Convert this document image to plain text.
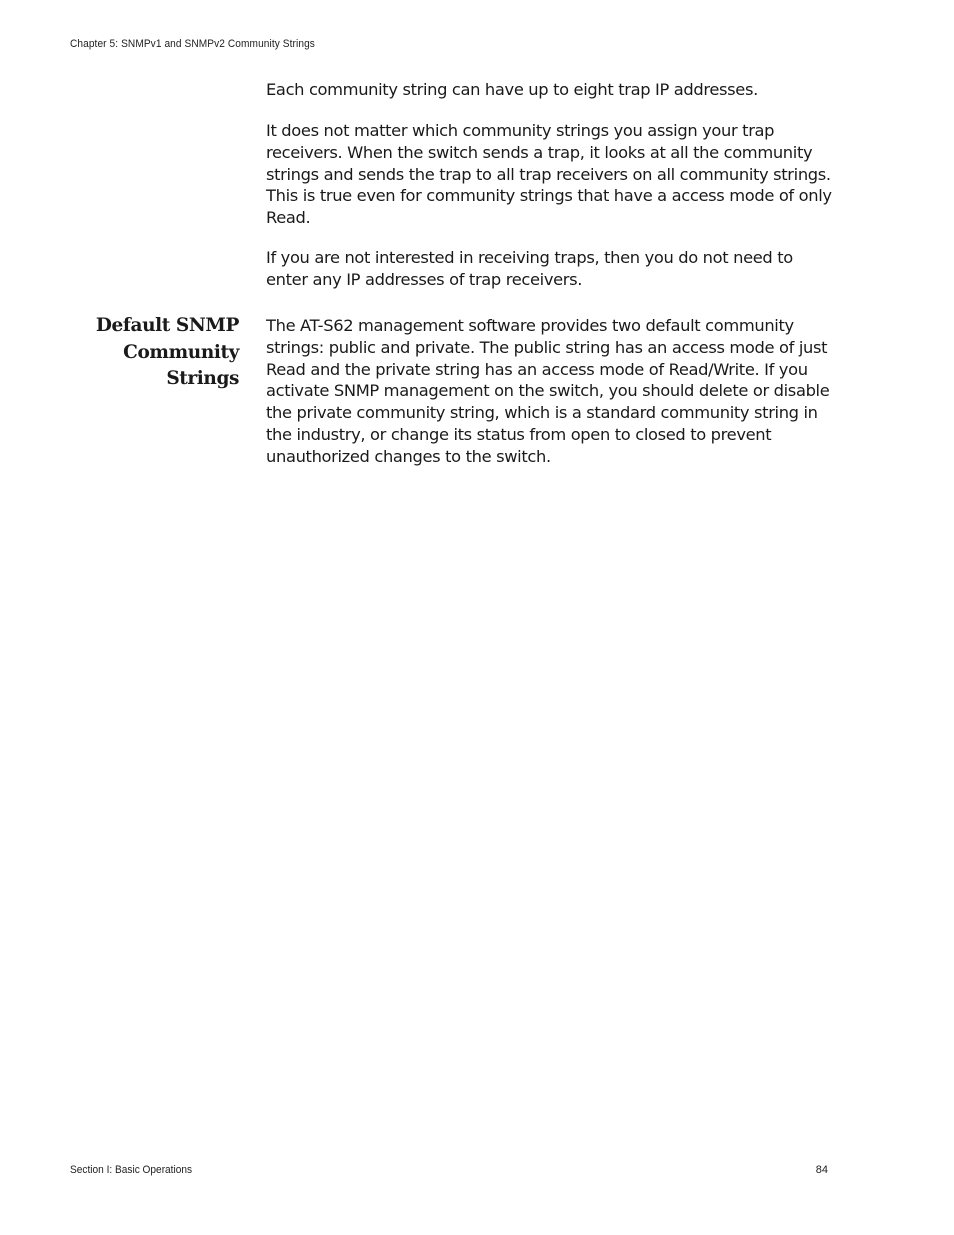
Chapter 5: SNMPv1 and SNMPv2 Community Strings

Each community string can have up to eight trap IP addresses.

It does not matter which community strings you assign your trap receivers. When the switch sends a trap, it looks at all the community strings and sends the trap to all trap receivers on all community strings. This is true even for community strings that have a access mode of only Read.

If you are not interested in receiving traps, then you do not need to enter any IP addresses of trap receivers.

Default SNMP
Community
Strings

The AT-S62 management software provides two default community strings: public and private. The public string has an access mode of just Read and the private string has an access mode of Read/Write. If you activate SNMP management on the switch, you should delete or disable the private community string, which is a standard community string in the industry, or change its status from open to closed to prevent unauthorized changes to the switch.

Section I: Basic Operations	84
